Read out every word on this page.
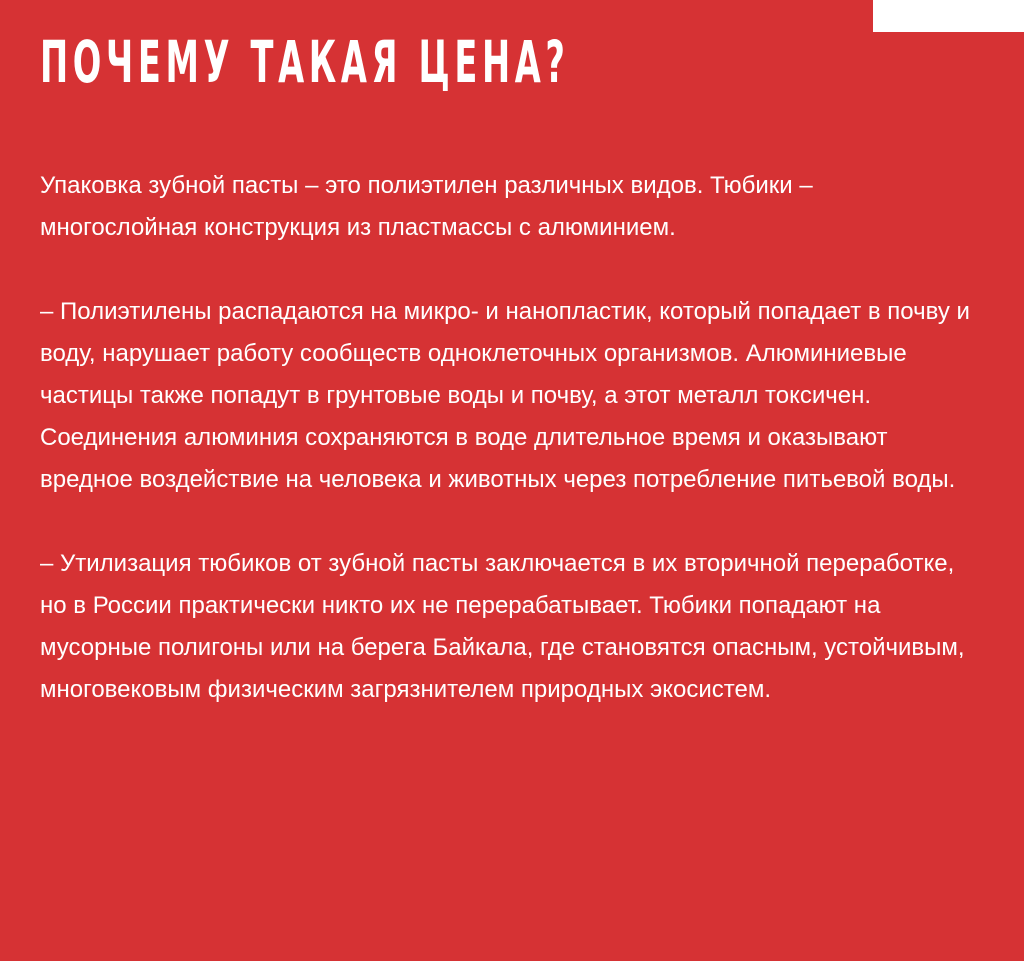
ПОЧЕМУ ТАКАЯ ЦЕНА?

Упаковка зубной пасты – это полиэтилен различных видов. Тюбики – многослойная конструкция из пластмассы с алюминием.

– Полиэтилены распадаются на микро- и нанопластик, который попадает в почву и воду, нарушает работу сообществ одноклеточных организмов. Алюминиевые частицы также попадут в грунтовые воды и почву, а этот металл токсичен. Соединения алюминия сохраняются в воде длительное время и оказывают вредное воздействие на человека и животных через потребление питьевой воды.

– Утилизация тюбиков от зубной пасты заключается в их вторичной переработке, но в России практически никто их не перерабатывает. Тюбики попадают на мусорные полигоны или на берега Байкала, где становятся опасным, устойчивым, многовековым физическим загрязнителем природных экосистем.
